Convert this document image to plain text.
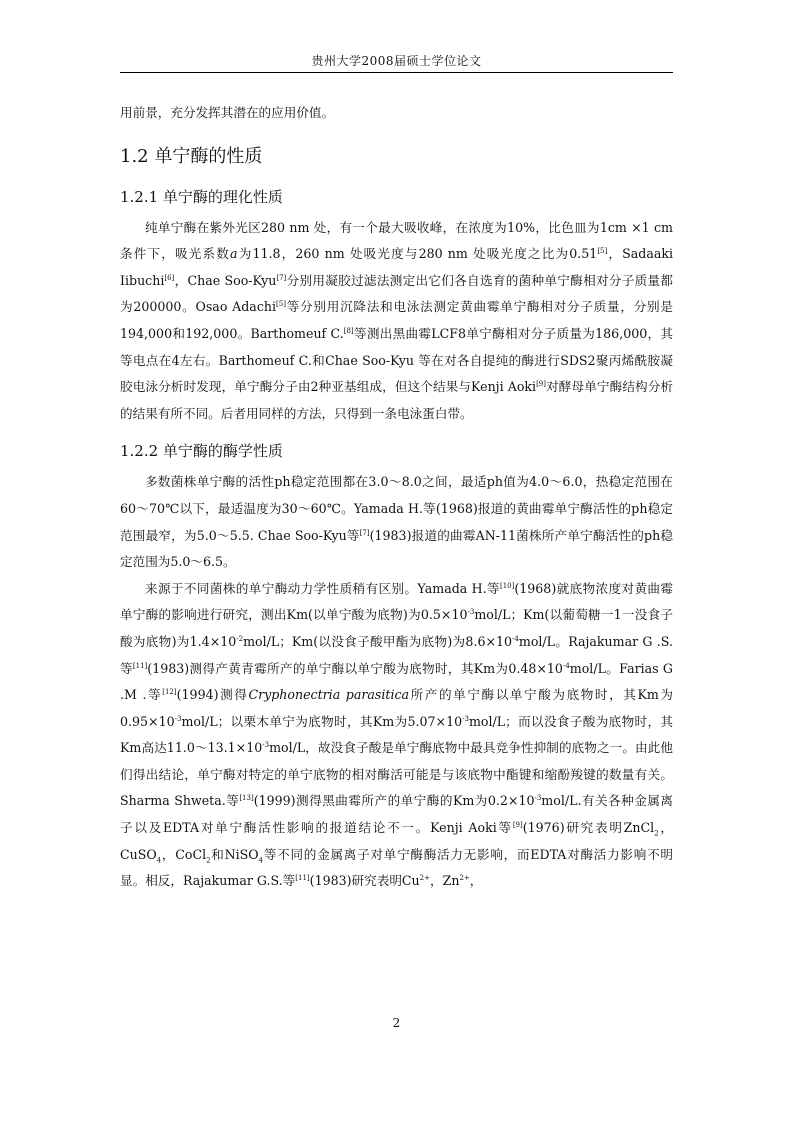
贵州大学2008届硕士学位论文

用前景，充分发挥其潜在的应用价值。

1.2 单宁酶的性质
1.2.1 单宁酶的理化性质

纯单宁酶在紫外光区280 nm 处，有一个最大吸收峰，在浓度为10%，比色皿为1cm ×1 cm条件下，吸光系数a为11.8，260 nm 处吸光度与280 nm 处吸光度之比为0.51[5]，Sadaaki Iibuchi[6]，Chae Soo-Kyu[7]分别用凝胶过滤法测定出它们各自选育的菌种单宁酶相对分子质量都为200000。Osao Adachi[5]等分别用沉降法和电泳法测定黄曲霉单宁酶相对分子质量，分别是194,000和192,000。Barthomeuf C.[8]等测出黑曲霉LCF8单宁酶相对分子质量为186,000，其等电点在4左右。Barthomeuf C.和Chae Soo-Kyu 等在对各自提纯的酶进行SDS2聚丙烯酰胺凝胶电泳分析时发现，单宁酶分子由2种亚基组成，但这个结果与Kenji Aoki[9]对酵母单宁酶结构分析的结果有所不同。后者用同样的方法，只得到一条电泳蛋白带。

1.2.2 单宁酶的酶学性质

多数菌株单宁酶的活性ph稳定范围都在3.0～8.0之间，最适ph值为4.0～6.0，热稳定范围在60～70℃以下，最适温度为30～60℃。Yamada H.等(1968)报道的黄曲霉单宁酶活性的ph稳定范围最窄，为5.0～5.5. Chae Soo-Kyu等[7](1983)报道的曲霉AN-11菌株所产单宁酶活性的ph稳定范围为5.0～6.5。

来源于不同菌株的单宁酶动力学性质稍有区别。Yamada H.等[10](1968)就底物浓度对黄曲霉单宁酶的影响进行研究，测出Km(以单宁酸为底物)为$0.5\times 10^{-3}mol/L$；Km(以葡萄糖一1一没食子酸为底物)为$1.4\times 10^{-2}mol/L$；Km(以没食子酸甲酯为底物)为$8.6\times 10^{-4}mol/L$。Rajakumar G .S. 等[11](1983)测得产黄青霉所产的单宁酶以单宁酸为底物时，其Km为$0.48\times 10^{-4}mol/L$。Farias G .M .等[12](1994)测得Cryphonectria parasitica所产的单宁酶以单宁酸为底物时，其Km为$0.95\times 10^{-3}mol/L$；以栗木单宁为底物时，其Km为$5.07\times 10^{-3}mol/L$；而以没食子酸为底物时，其Km高达$11.0\sim 13.1\times 10^{-3}mol/L$，故没食子酸是单宁酶底物中最具竞争性抑制的底物之一。由此他们得出结论，单宁酶对特定的单宁底物的相对酶活可能是与该底物中酯键和缩酚羧键的数量有关。Sharma Shweta.等[13](1999)测得黑曲霉所产的单宁酶的Km为$0.2\times 10^{-3}mol/L$.有关各种金属离子以及EDTA对单宁酶活性影响的报道结论不一。Kenji Aoki等[9](1976)研究表明ZnCl$_2$，CuSO$_4$，CoCl$_2$和NiSO$_4$等不同的金属离子对单宁酶酶活力无影响，而EDTA对酶活力影响不明显。相反，Rajakumar G.S.等[11](1983)研究表明$Cu^{2+}$，$Zn^{2+}$，

2
